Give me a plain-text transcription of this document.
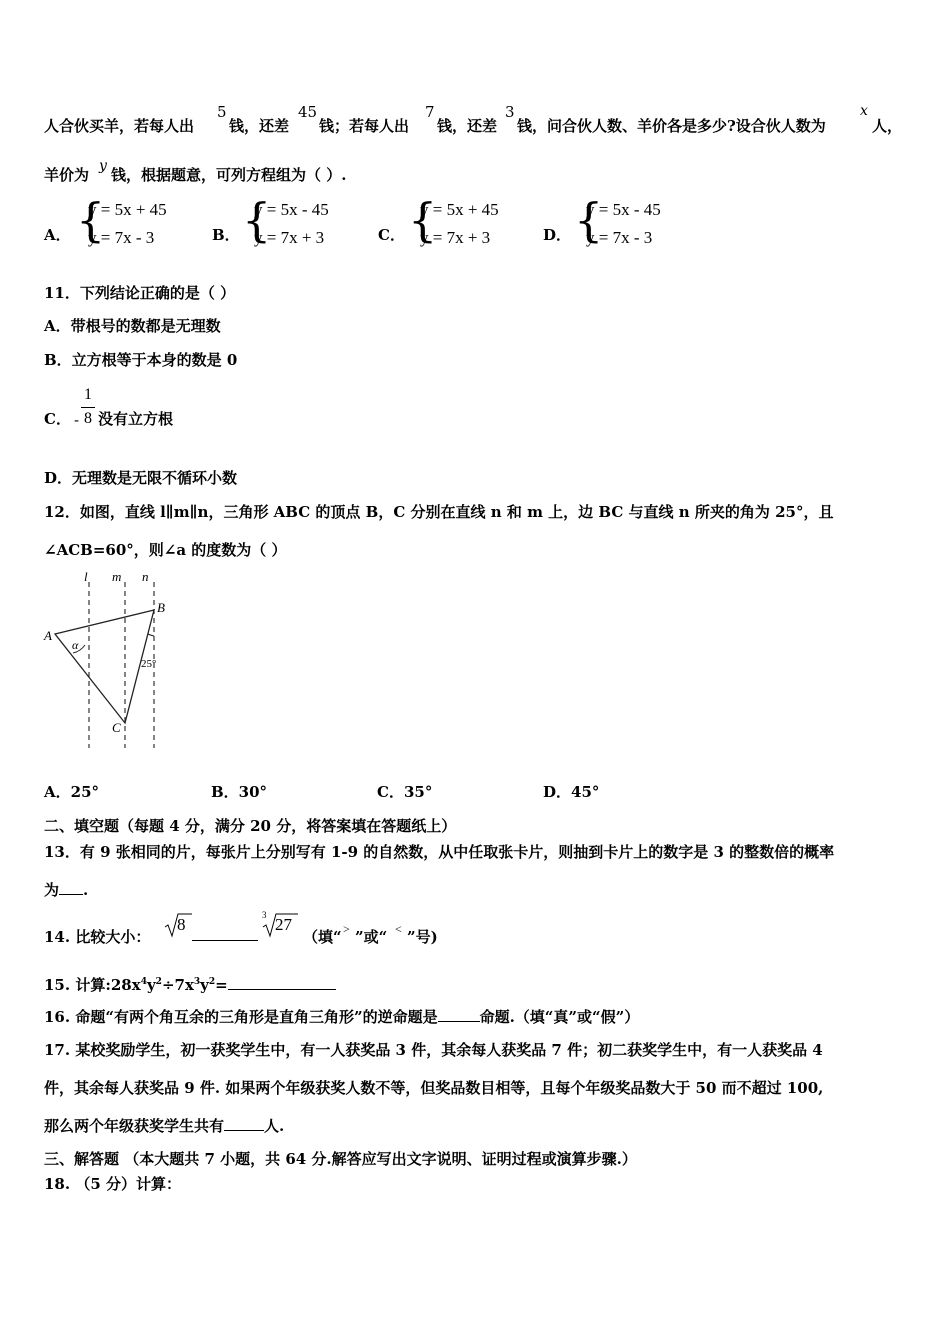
人合伙买羊，若每人出
5
钱，还差
45
钱；若每人出
7
钱，还差
3
钱，问合伙人数、羊价各是多少?设合伙人数为
x
人，
羊价为 y 钱，根据题意，可列方程组为（ ）.
A． {
y = 5x + 45
y = 7x - 3	B． {
y = 5x - 45
y = 7x + 3	C． {
y = 5x + 45
y = 7x + 3	D． {
y = 5x - 45
y = 7x - 3
11．下列结论正确的是（ ）
A．带根号的数都是无理数
B．立方根等于本身的数是 0
C． -
1
8 没有立方根
D．无理数是无限不循环小数
12．如图，直线 l∥m∥n，三角形 ABC 的顶点 B，C 分别在直线 n 和 m 上，边 BC 与直线 n 所夹的角为 25°，且
∠ACB=60°，则∠a 的度数为（ ）
l m n
A
B
C
α
25°
A．25°	B．30°	C．35°	D．45°
二、填空题（每题 4 分，满分 20 分，将答案填在答题纸上）
13．有 9 张相同的片，每张片上分别写有 1-9 的自然数，从中任取张卡片，则抽到卡片上的数字是 3 的整数倍的概率
为 .
14. 比较大小：
8	3 27
（填“ > ”或“ < ”号)
15. 计算$:28x^4y^2\div 7x^3y^2=$
16. 命题“有两个角互余的三角形是直角三角形”的逆命题是	命题.（填“真”或“假”）
17. 某校奖励学生，初一获奖学生中，有一人获奖品 3 件，其余每人获奖品 7 件；初二获奖学生中，有一人获奖品 4
件，其余每人获奖品 9 件. 如果两个年级获奖人数不等，但奖品数目相等，且每个年级奖品数大于 50 而不超过 100,
那么两个年级获奖学生共有	人.
三、解答题 （本大题共 7 小题，共 64 分.解答应写出文字说明、证明过程或演算步骤.）
18. （5 分）计算：
